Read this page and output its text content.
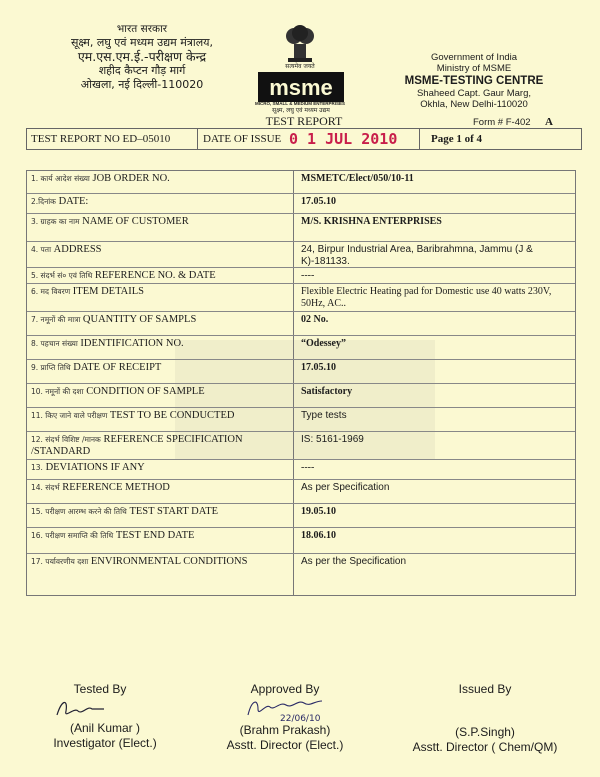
भारत सरकार
सूक्ष्म, लघु एवं मध्यम उद्यम मंत्रालय,
एम.एस.एम.ई.-परीक्षण केन्द्र
शहीद कैप्टन गौड़ मार्ग
ओखला, नई दिल्ली-110020
सत्यमेव जयते
msme
MICRO, SMALL & MEDIUM ENTERPRISES
सूक्ष्म, लघु एवं मध्यम उद्यम
TEST REPORT
Government of India
Ministry of MSME
MSME-TESTING CENTRE
Shaheed Capt. Gaur Marg,
Okhla, New Delhi-110020
Form # F-402 A
TEST REPORT NO ED–05010	DATE OF ISSUE 0 1 JUL 2010	Page 1 of 4
1. कार्य आदेश संख्या JOB ORDER NO.	MSMETC/Elect/050/10-11
2.दिनांक DATE:	17.05.10
3. ग्राहक का नाम NAME OF CUSTOMER	M/S. KRISHNA ENTERPRISES
4. पता ADDRESS	24, Birpur Industrial Area, Baribrahmna, Jammu (J & K)-181133.
5. संदर्भ सं० एवं तिथि REFERENCE NO. & DATE	----
6. मद विवरण ITEM DETAILS	Flexible Electric Heating pad for Domestic use 40 watts 230V, 50Hz, AC..
7. नमूनों की मात्रा QUANTITY OF SAMPLS	02 No.
8. पहचान संख्या IDENTIFICATION NO.	“Odessey”
9. प्राप्ति तिथि DATE OF RECEIPT	17.05.10
10. नमूनों की दशा CONDITION OF SAMPLE	Satisfactory
11. किए जाने वाले परीक्षण TEST TO BE CONDUCTED	Type tests
12. संदर्भ विशिष्ट /मानक REFERENCE SPECIFICATION /STANDARD
IS: 5161-1969
13. DEVIATIONS IF ANY	----
14. संदर्भ REFERENCE METHOD	As per Specification
15. परीक्षण आरम्भ करने की तिथि TEST START DATE	19.05.10
16. परीक्षण समाप्ति की तिथि TEST END DATE	18.06.10
17. पर्यावरणीय दशा ENVIRONMENTAL CONDITIONS	As per the Specification
Tested By
(Anil Kumar )
Investigator (Elect.)
Approved By
22/06/10
(Brahm Prakash)
Asstt. Director (Elect.)
Issued By
(S.P.Singh)
Asstt. Director ( Chem/QM)
